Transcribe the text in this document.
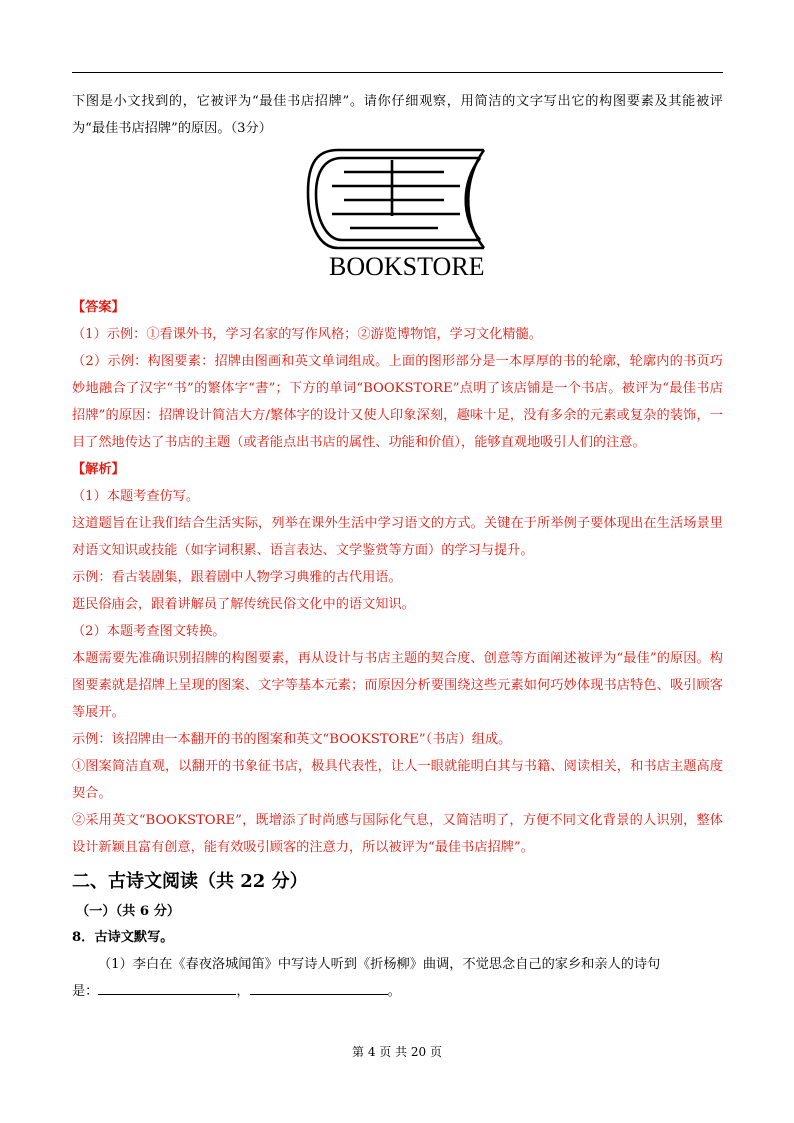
下图是小文找到的，它被评为“最佳书店招牌”。请你仔细观察，用简洁的文字写出它的构图要素及其能被评为“最佳书店招牌”的原因。（3分）

BOOKSTORE

【答案】

（1）示例：①看课外书，学习名家的写作风格；②游览博物馆，学习文化精髓。

（2）示例：构图要素：招牌由图画和英文单词组成。上面的图形部分是一本厚厚的书的轮廓，轮廓内的书页巧妙地融合了汉字“书”的繁体字“書”；下方的单词“BOOKSTORE”点明了该店铺是一个书店。被评为“最佳书店招牌”的原因：招牌设计简洁大方/繁体字的设计又使人印象深刻，趣味十足，没有多余的元素或复杂的装饰，一目了然地传达了书店的主题（或者能点出书店的属性、功能和价值），能够直观地吸引人们的注意。

【解析】

（1）本题考查仿写。

这道题旨在让我们结合生活实际，列举在课外生活中学习语文的方式。关键在于所举例子要体现出在生活场景里对语文知识或技能（如字词积累、语言表达、文学鉴赏等方面）的学习与提升。

示例：看古装剧集，跟着剧中人物学习典雅的古代用语。

逛民俗庙会，跟着讲解员了解传统民俗文化中的语文知识。

（2）本题考查图文转换。

本题需要先准确识别招牌的构图要素，再从设计与书店主题的契合度、创意等方面阐述被评为“最佳”的原因。构图要素就是招牌上呈现的图案、文字等基本元素；而原因分析要围绕这些元素如何巧妙体现书店特色、吸引顾客等展开。

示例：该招牌由一本翻开的书的图案和英文“BOOKSTORE”（书店）组成。

①图案简洁直观，以翻开的书象征书店，极具代表性，让人一眼就能明白其与书籍、阅读相关，和书店主题高度契合。

②采用英文“BOOKSTORE”，既增添了时尚感与国际化气息，又简洁明了，方便不同文化背景的人识别，整体设计新颖且富有创意，能有效吸引顾客的注意力，所以被评为“最佳书店招牌”。

二、古诗文阅读（共 22 分）
（一）（共 6 分）
8．古诗文默写。

（1）李白在《春夜洛城闻笛》中写诗人听到《折杨柳》曲调，不觉思念自己的家乡和亲人的诗句

是：	，	。

第 4 页 共 20 页
